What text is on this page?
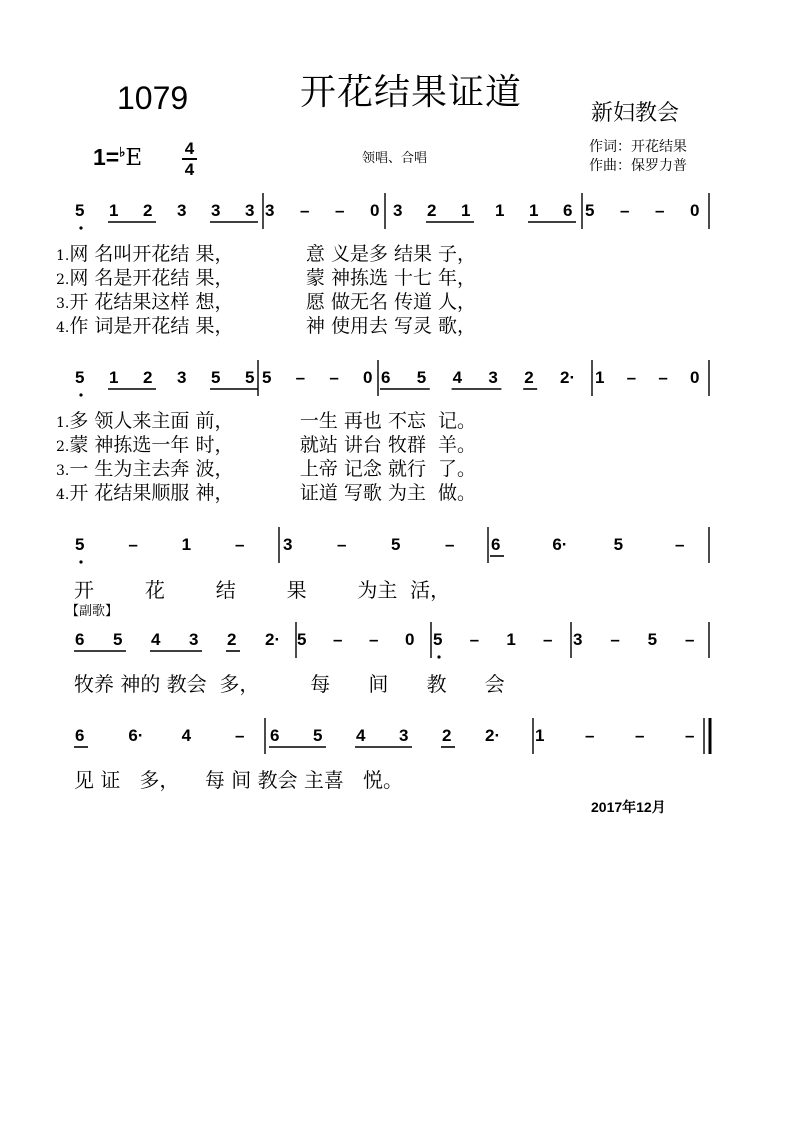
1079	开花结果证道
新妇教会
1=♭E	4
4
领唱、合唱
作词：开花结果
作曲：保罗力普
5 1 2 3 3 3 3 – – 0 3 2 1 1 1 6 5 – – 0
5 1 2 3 5 5 5 – – 0 6 5 4 3 2 2· 1 – – 0
5	–	1	– 3	–	5	– 6	6·	5	–
6 5 4 3 2 2· 5 – – 0 5 – 1 – 3 – 5 –
6	6· 4	– 6 5 4 3 2 2· 1 – – –
1.网 名叫开花结 果，            意 义是多 结果 子，
2.网 名是开花结 果，            蒙 神拣选 十七 年，
3.开 花结果这样 想，            愿 做无名 传道 人，
4.作 词是开花结 果，            神 使用去 写灵 歌，
1.多 领人来主面 前，           一生 再也 不忘  记。
2.蒙 神拣选一年 时，           就站 讲台 牧群  羊。
3.一 生为主去奔 波，           上帝 记念 就行  了。
4.开 花结果顺服 神，           证道 写歌 为主  做。
开        花        结        果        为主  活，
【副歌】
牧养 神的 教会  多，        每      间      教      会
见 证   多，    每 间 教会 主喜   悦。
2017年12月
